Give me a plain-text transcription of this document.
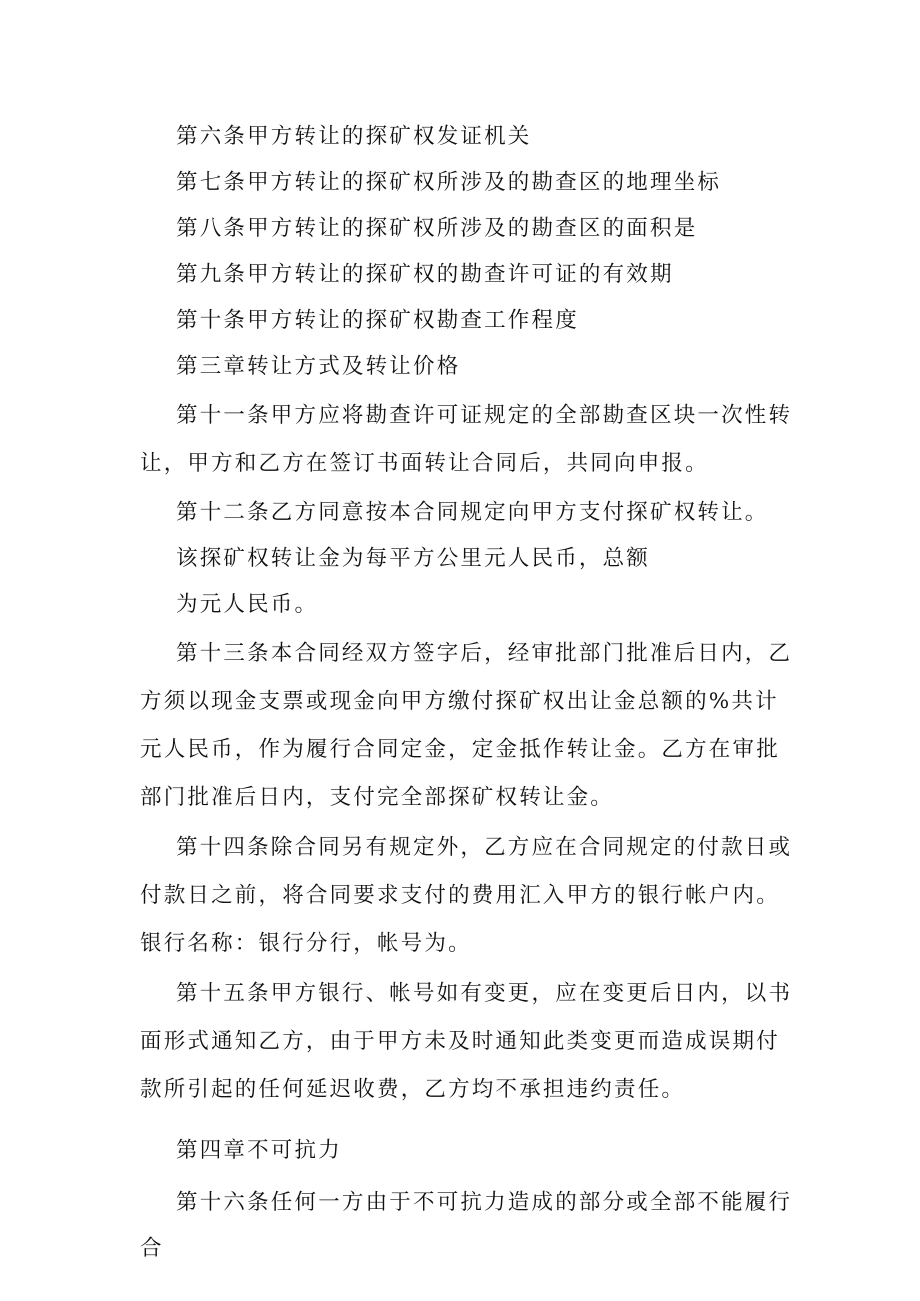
第六条甲方转让的探矿权发证机关

第七条甲方转让的探矿权所涉及的勘查区的地理坐标

第八条甲方转让的探矿权所涉及的勘查区的面积是

第九条甲方转让的探矿权的勘查许可证的有效期

第十条甲方转让的探矿权勘查工作程度

第三章转让方式及转让价格

第十一条甲方应将勘查许可证规定的全部勘查区块一次性转让，甲方和乙方在签订书面转让合同后，共同向申报。

第十二条乙方同意按本合同规定向甲方支付探矿权转让。

该探矿权转让金为每平方公里元人民币，总额

为元人民币。

第十三条本合同经双方签字后，经审批部门批准后日内，乙方须以现金支票或现金向甲方缴付探矿权出让金总额的%共计元人民币，作为履行合同定金，定金抵作转让金。乙方在审批部门批准后日内，支付完全部探矿权转让金。

第十四条除合同另有规定外，乙方应在合同规定的付款日或付款日之前，将合同要求支付的费用汇入甲方的银行帐户内。银行名称：银行分行，帐号为。

第十五条甲方银行、帐号如有变更，应在变更后日内，以书面形式通知乙方，由于甲方未及时通知此类变更而造成误期付款所引起的任何延迟收费，乙方均不承担违约责任。

第四章不可抗力

第十六条任何一方由于不可抗力造成的部分或全部不能履行合
